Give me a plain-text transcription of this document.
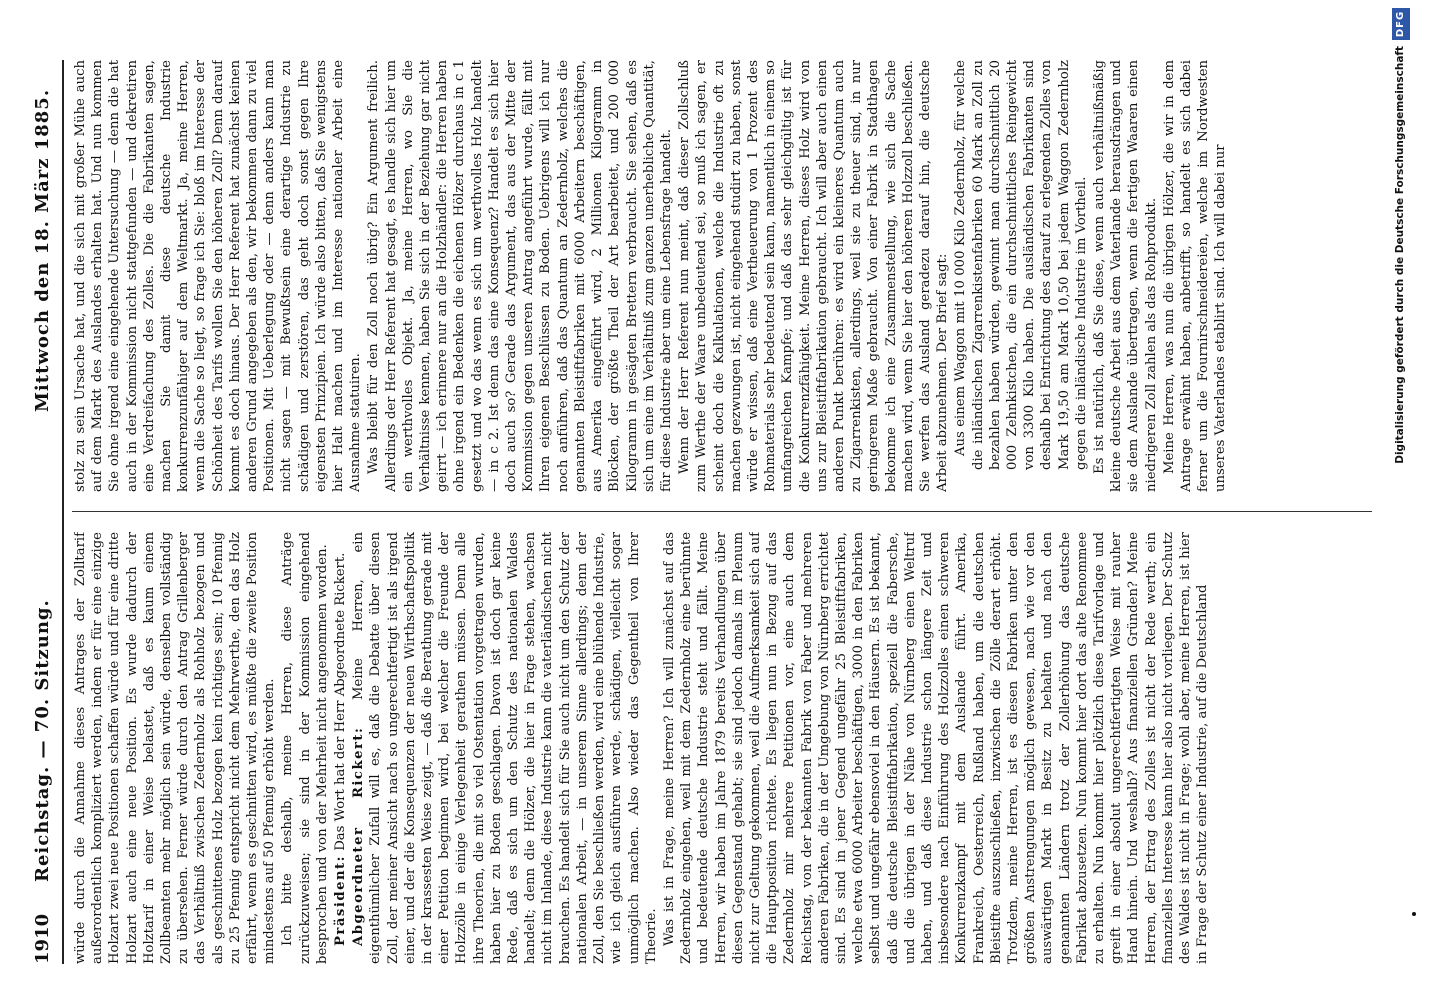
1910
Reichstag. — 70. Sitzung.
Mittwoch den 18. März 1885.

würde durch die Annahme dieses Antrages der Zolltarif außerordentlich kompliziert werden, indem er für eine einzige Holzart zwei neue Positionen schaffen würde und für eine dritte Holzart auch eine neue Position. Es wurde dadurch der Holztarif in einer Weise belastet, daß es kaum einem Zollbeamten mehr möglich sein würde, denselben vollständig zu übersehen. Ferner würde durch den Antrag Grillenberger das Verhältniß zwischen Zedernholz als Rohholz bezogen und als geschnittenes Holz bezogen kein richtiges sein; 10 Pfennig zu 25 Pfennig entspricht nicht dem Mehrwerthe, den das Holz erfährt, wenn es geschnitten wird, es müßte die zweite Position mindestens auf 50 Pfennig erhöht werden. Ich bitte deshalb, meine Herren, diese Anträge zurückzuweisen; sie sind in der Kommission eingehend besprochen und von der Mehrheit nicht angenommen worden. Präsident: Das Wort hat der Herr Abgeordnete Rickert. Abgeordneter Rickert: Meine Herren, ein eigenthümlicher Zufall will es, daß die Debatte über diesen Zoll, der meiner Ansicht nach so ungerechtfertigt ist als irgend einer, und der die Konsequenzen der neuen Wirthschaftspolitik in der krassesten Weise zeigt, — daß die Berathung gerade mit einer Petition beginnen wird, bei welcher die Freunde der Holzzölle in einige Verlegenheit gerathen müssen. Denn alle ihre Theorien, die mit so viel Ostentation vorgetragen wurden, haben hier zu Boden geschlagen. Davon ist doch gar keine Rede, daß es sich um den Schutz des nationalen Waldes handelt; denn die Hölzer, die hier in Frage stehen, wachsen nicht im Inlande, diese Industrie kann die vaterländischen nicht brauchen. Es handelt sich für Sie auch nicht um den Schutz der nationalen Arbeit, — in unserem Sinne allerdings; denn der Zoll, den Sie beschließen werden, wird eine blühende Industrie, wie ich gleich ausführen werde, schädigen, vielleicht sogar unmöglich machen. Also wieder das Gegentheil von Ihrer Theorie. Was ist in Frage, meine Herren? Ich will zunächst auf das Zedernholz eingehen, weil mit dem Zedernholz eine berühmte und bedeutende deutsche Industrie steht und fällt. Meine Herren, wir haben im Jahre 1879 bereits Verhandlungen über diesen Gegenstand gehabt; sie sind jedoch damals im Plenum nicht zur Geltung gekommen, weil die Aufmerksamkeit sich auf die Hauptposition richtete. Es liegen nun in Bezug auf das Zedernholz mir mehrere Petitionen vor, eine auch dem Reichstag, von der bekannten Fabrik von Faber und mehreren anderen Fabriken, die in der Umgebung von Nürnberg errichtet sind. Es sind in jener Gegend ungefähr 25 Bleistiftfabriken, welche etwa 6000 Arbeiter beschäftigen, 3000 in den Fabriken selbst und ungefähr ebensoviel in den Häusern. Es ist bekannt, daß die deutsche Bleistiftfabrikation, speziell die Fabersche, und die übrigen in der Nähe von Nürnberg einen Weltruf haben, und daß diese Industrie schon längere Zeit und insbesondere nach Einführung des Holzzolles einen schweren Konkurrenzkampf mit dem Auslande führt. Amerika, Frankreich, Oesterreich, Rußland haben, um die deutschen Bleistifte auszuschließen, inzwischen die Zölle derart erhöht. Trotzdem, meine Herren, ist es diesen Fabriken unter den größten Anstrengungen möglich gewesen, nach wie vor den auswärtigen Markt in Besitz zu behalten und nach den genannten Ländern trotz der Zollerhöhung das deutsche Fabrikat abzusetzen. Nun kommt hier dort das alte Renommee zu erhalten. Nun kommt hier plötzlich diese Tarifvorlage und greift in einer absolut ungerechtfertigten Weise mit rauher Hand hinein. Und weshalb? Aus finanziellen Gründen? Meine Herren, der Ertrag des Zolles ist nicht der Rede werth; ein finanzielles Interesse kann hier also nicht vorliegen. Der Schutz des Waldes ist nicht in Frage; wohl aber, meine Herren, ist hier in Frage der Schutz einer Industrie, auf die Deutschland

stolz zu sein Ursache hat, und die sich mit großer Mühe auch auf dem Markt des Auslandes erhalten hat. Und nun kommen Sie ohne irgend eine eingehende Untersuchung — denn die hat auch in der Kommission nicht stattgefunden — und dekretiren eine Verdreifachung des Zolles. Die die Fabrikanten sagen, machen Sie damit diese deutsche Industrie konkurrenzunfähiger auf dem Weltmarkt. Ja, meine Herren, wenn die Sache so liegt, so frage ich Sie: bloß im Interesse der Schönheit des Tarifs wollen Sie den höheren Zoll? Denn darauf kommt es doch hinaus. Der Herr Referent hat zunächst keinen anderen Grund angegeben als den, wir bekommen dann zu viel Positionen. Mit Ueberlegung oder — denn anders kann man nicht sagen — mit Bewußtsein eine derartige Industrie zu schädigen und zerstören, das geht doch sonst gegen Ihre eigensten Prinzipien. Ich würde also bitten, daß Sie wenigstens hier Halt machen und im Interesse nationaler Arbeit eine Ausnahme statuiren. Was bleibt für den Zoll noch übrig? Ein Argument freilich. Allerdings der Herr Referent hat gesagt, es handle sich hier um ein werthvolles Objekt. Ja, meine Herren, wo Sie die Verhältnisse kennen, haben Sie sich in der Beziehung gar nicht geirrt — ich erinnere nur an die Holzhändler: die Herren haben ohne irgend ein Bedenken die eichenen Hölzer durchaus in c 1 gesetzt und wo das wenn es sich um werthvolles Holz handelt — in c 2. Ist denn das eine Konsequenz? Handelt es sich hier doch auch so? Gerade das Argument, das aus der Mitte der Kommission gegen unseren Antrag angeführt wurde, fällt mit Ihren eigenen Beschlüssen zu Boden. Uebrigens will ich nur noch anführen, daß das Quantum an Zedernholz, welches die genannten Bleistiftfabriken mit 6000 Arbeitern beschäftigen, aus Amerika eingeführt wird, 2 Millionen Kilogramm in Blöcken, der größte Theil der Art bearbeitet, und 200 000 Kilogramm in gesägten Brettern verbraucht. Sie sehen, daß es sich um eine im Verhältniß zum ganzen unerhebliche Quantität, für diese Industrie aber um eine Lebensfrage handelt. Wenn der Herr Referent nun meint, daß dieser Zollschluß zum Werthe der Waare unbedeutend sei, so muß ich sagen, er scheint doch die Kalkulationen, welche die Industrie oft zu machen gezwungen ist, nicht eingehend studirt zu haben, sonst würde er wissen, daß eine Vertheuerung von 1 Prozent des Rohmaterials sehr bedeutend sein kann, namentlich in einem so umfangreichen Kampfe; und daß das sehr gleichgültig ist für die Konkurrenzfähigkeit. Meine Herren, dieses Holz wird von uns zur Bleistiftfabrikation gebraucht. Ich will aber auch einen anderen Punkt berühren: es wird ein kleineres Quantum auch zu Zigarrenkisten, allerdings, weil sie zu theuer sind, in nur geringerem Maße gebraucht. Von einer Fabrik in Stadthagen bekomme ich eine Zusammenstellung, wie sich die Sache machen wird, wenn Sie hier den höheren Holzzoll beschließen. Sie werfen das Ausland geradezu darauf hin, die deutsche Arbeit abzunehmen. Der Brief sagt: Aus einem Waggon mit 10 000 Kilo Zedernholz, für welche die inländischen Zigarrenkistenfabriken 60 Mark an Zoll zu bezahlen haben würden, gewinnt man durchschnittlich 20 000 Zehnkistchen, die ein durchschnittliches Reingewicht von 3300 Kilo haben. Die ausländischen Fabrikanten sind deshalb bei Entrichtung des darauf zu erlegenden Zolles von Mark 19,50 am Mark 10,50 bei jedem Waggon Zedernholz gegen die inländische Industrie im Vortheil. Es ist natürlich, daß Sie diese, wenn auch verhältnißmäßig kleine deutsche Arbeit aus dem Vaterlande herausdrängen und sie dem Auslande übertragen, wenn die fertigen Waaren einen niedrigeren Zoll zahlen als das Rohprodukt. Meine Herren, was nun die übrigen Hölzer, die wir in dem Antrage erwähnt haben, anbetrifft, so handelt es sich dabei ferner um die Fournirschneidereien, welche im Nordwesten unseres Vaterlandes etablirt sind. Ich will dabei nur	Digitalisierung gefördert durch die Deutsche Forschungsgemeinschaft
DFG
